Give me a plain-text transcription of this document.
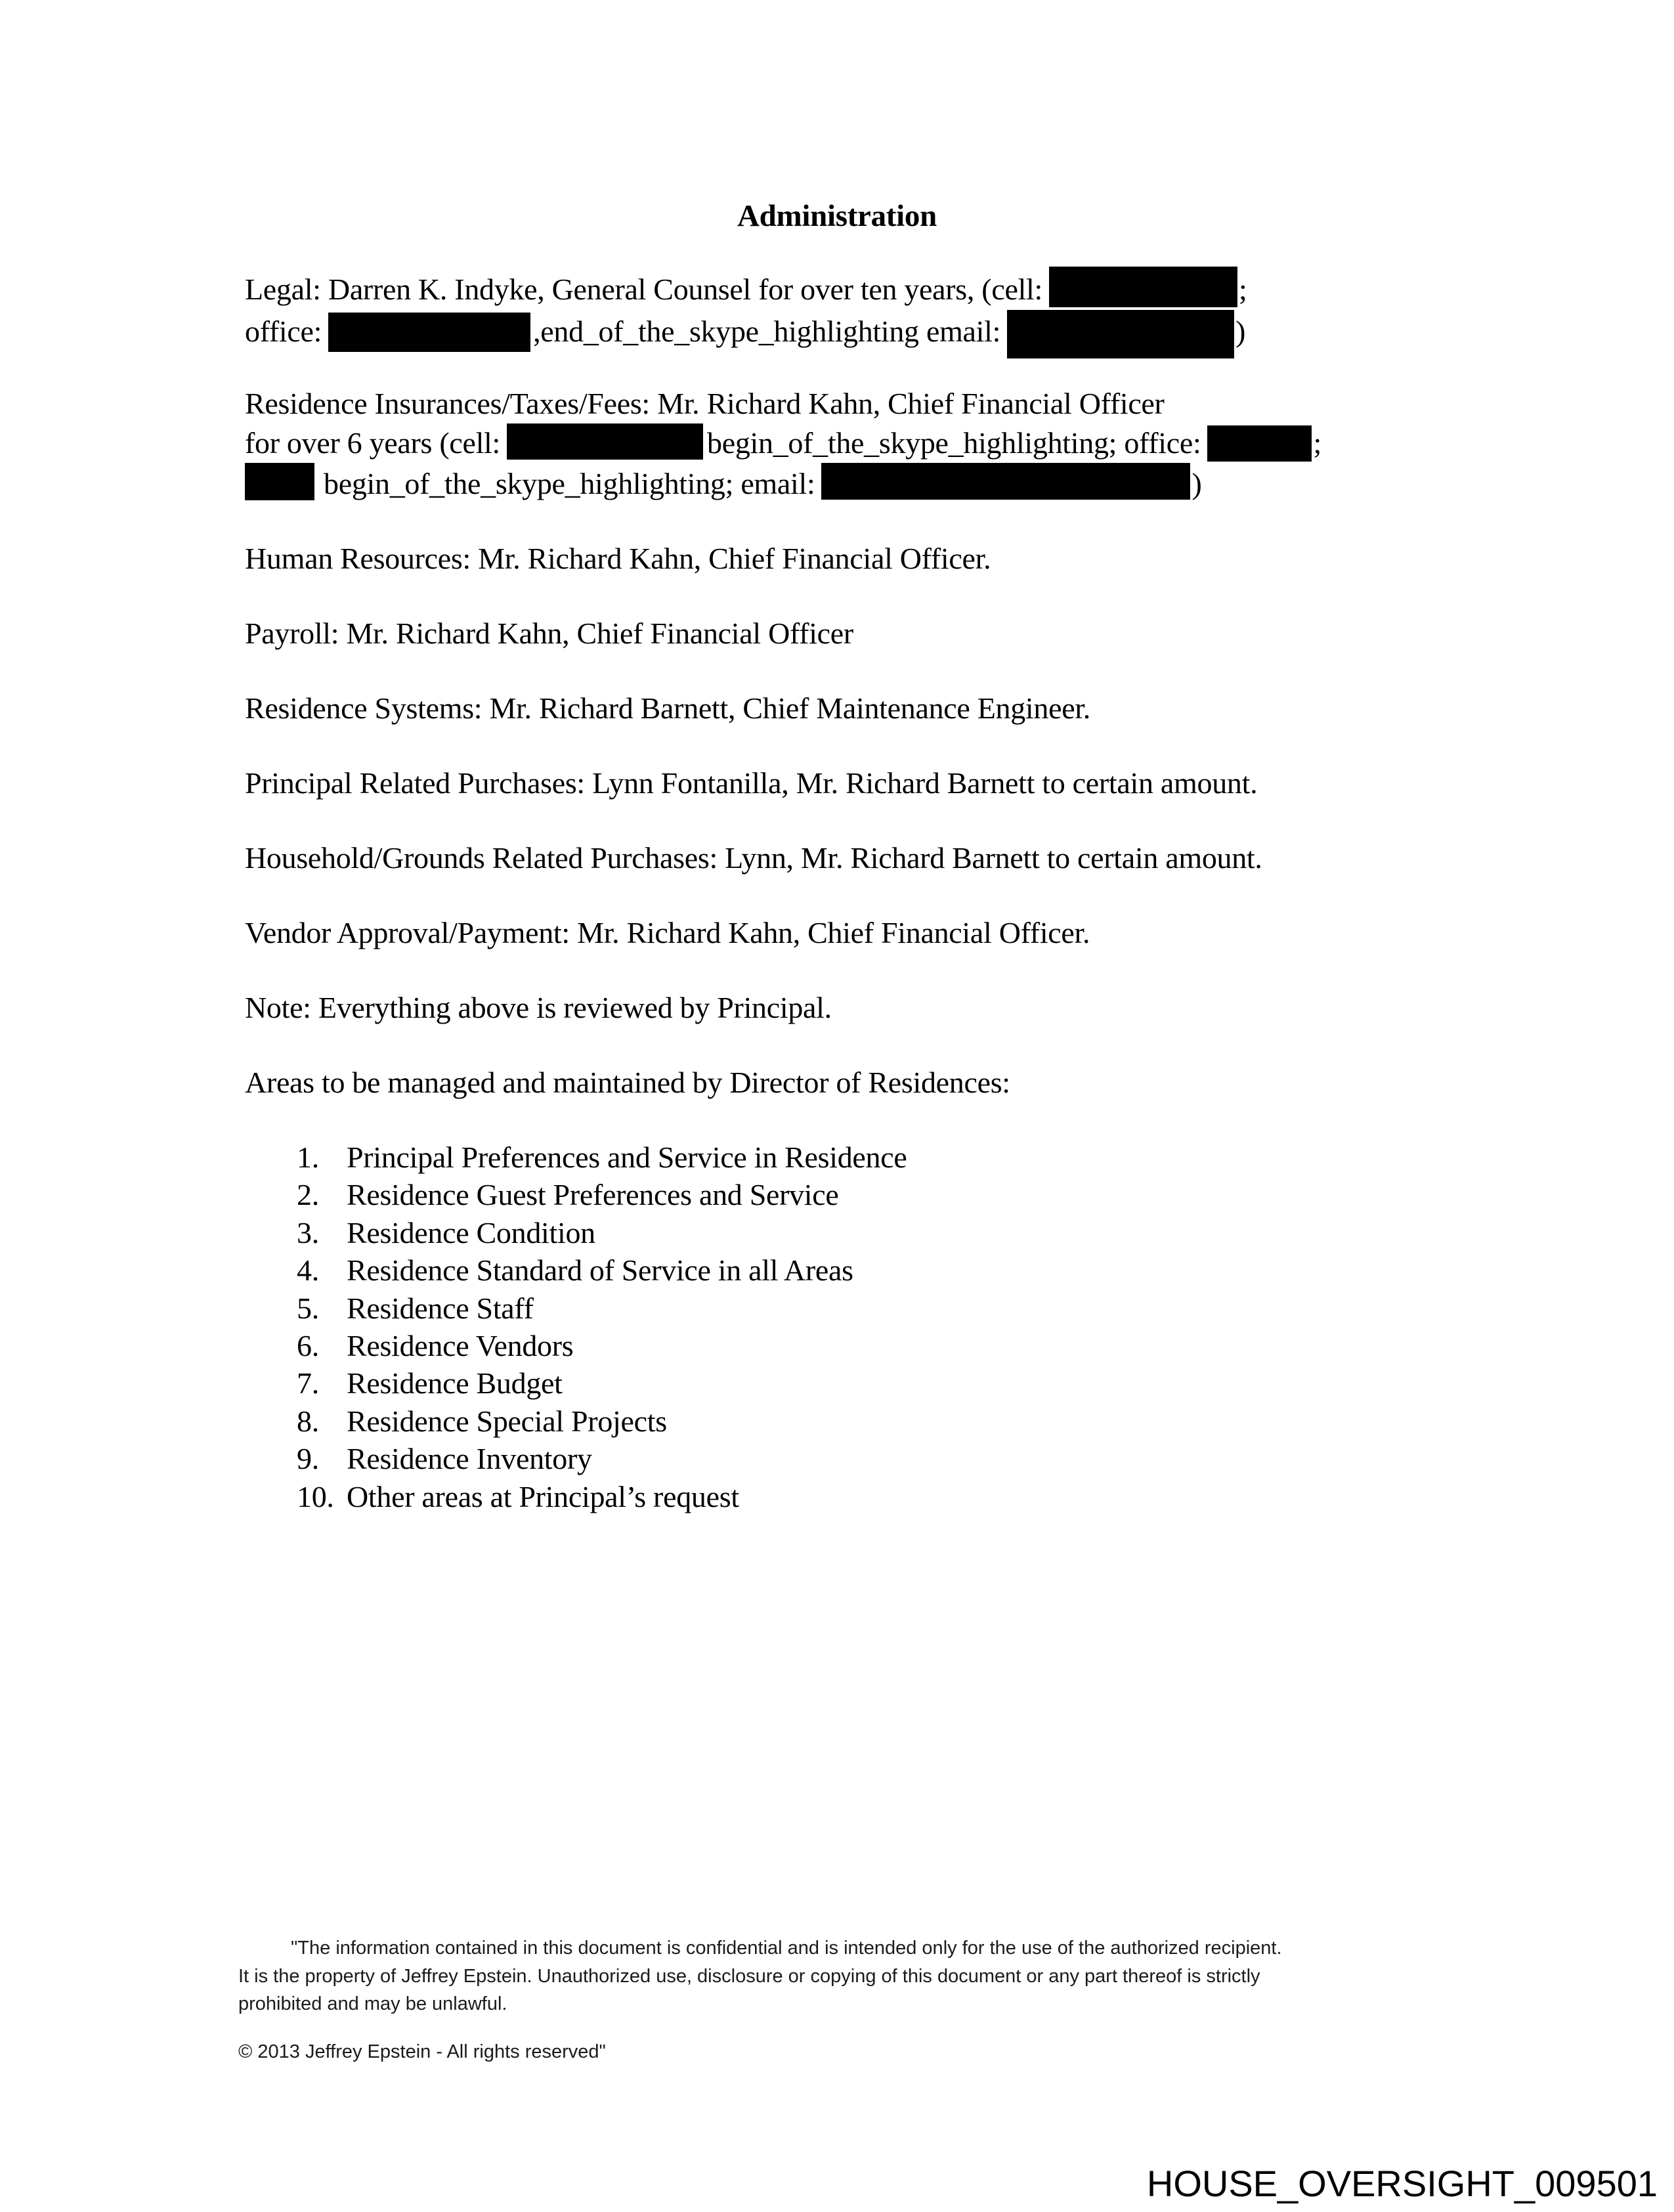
Administration
Legal: Darren K. Indyke, General Counsel for over ten years, (cell:	;
office:	,end_of_the_skype_highlighting email:	)
Residence Insurances/Taxes/Fees: Mr. Richard Kahn, Chief Financial Officer
for over 6 years (cell:	begin_of_the_skype_highlighting; office:	;
begin_of_the_skype_highlighting; email:	)
Human Resources: Mr. Richard Kahn, Chief Financial Officer.
Payroll: Mr. Richard Kahn, Chief Financial Officer
Residence Systems: Mr. Richard Barnett, Chief Maintenance Engineer.
Principal Related Purchases: Lynn Fontanilla, Mr. Richard Barnett to certain amount.
Household/Grounds Related Purchases: Lynn, Mr. Richard Barnett to certain amount.
Vendor Approval/Payment: Mr. Richard Kahn, Chief Financial Officer.
Note: Everything above is reviewed by Principal.
Areas to be managed and maintained by Director of Residences:
1. Principal Preferences and Service in Residence
2. Residence Guest Preferences and Service
3. Residence Condition
4. Residence Standard of Service in all Areas
5. Residence Staff
6. Residence Vendors
7. Residence Budget
8. Residence Special Projects
9. Residence Inventory
10. Other areas at Principal’s request
"The information contained in this document is confidential and is intended only for the use of the authorized recipient.
It is the property of Jeffrey Epstein. Unauthorized use, disclosure or copying of this document or any part thereof is strictly
prohibited and may be unlawful.
© 2013 Jeffrey Epstein - All rights reserved"
HOUSE_OVERSIGHT_009501
